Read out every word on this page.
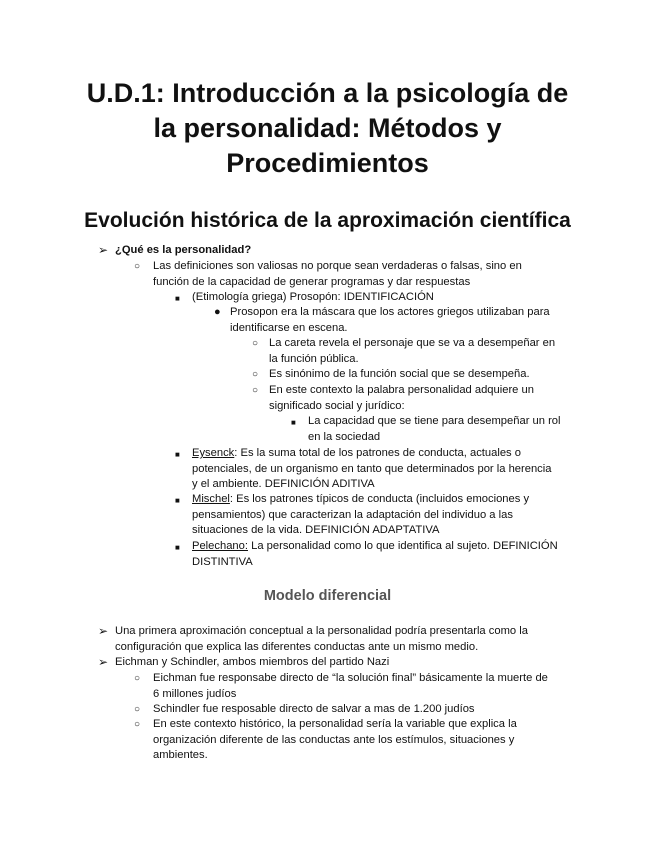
U.D.1: Introducción a la psicología de
la personalidad: Métodos y
Procedimientos
Evolución histórica de la aproximación científica
➢ ¿Qué es la personalidad?
○ Las definiciones son valiosas no porque sean verdaderas o falsas, sino en
función de la capacidad de generar programas y dar respuestas
■ (Etimología griega) Prosopón: IDENTIFICACIÓN
● Prosopon era la máscara que los actores griegos utilizaban para
identificarse en escena.
○ La careta revela el personaje que se va a desempeñar en
la función pública.
○ Es sinónimo de la función social que se desempeña.
○ En este contexto la palabra personalidad adquiere un
significado social y jurídico:
■ La capacidad que se tiene para desempeñar un rol
en la sociedad
■ Eysenck: Es la suma total de los patrones de conducta, actuales o
potenciales, de un organismo en tanto que determinados por la herencia
y el ambiente. DEFINICIÓN ADITIVA
■ Mischel: Es los patrones típicos de conducta (incluidos emociones y
pensamientos) que caracterizan la adaptación del individuo a las
situaciones de la vida. DEFINICIÓN ADAPTATIVA
■ Pelechano: La personalidad como lo que identifica al sujeto. DEFINICIÓN
DISTINTIVA
Modelo diferencial
➢ Una primera aproximación conceptual a la personalidad podría presentarla como la
configuración que explica las diferentes conductas ante un mismo medio.
➢ Eichman y Schindler, ambos miembros del partido Nazi
○ Eichman fue responsabe directo de “la solución final” básicamente la muerte de
6 millones judíos
○ Schindler fue resposable directo de salvar a mas de 1.200 judíos
○ En este contexto histórico, la personalidad sería la variable que explica la
organización diferente de las conductas ante los estímulos, situaciones y
ambientes.
